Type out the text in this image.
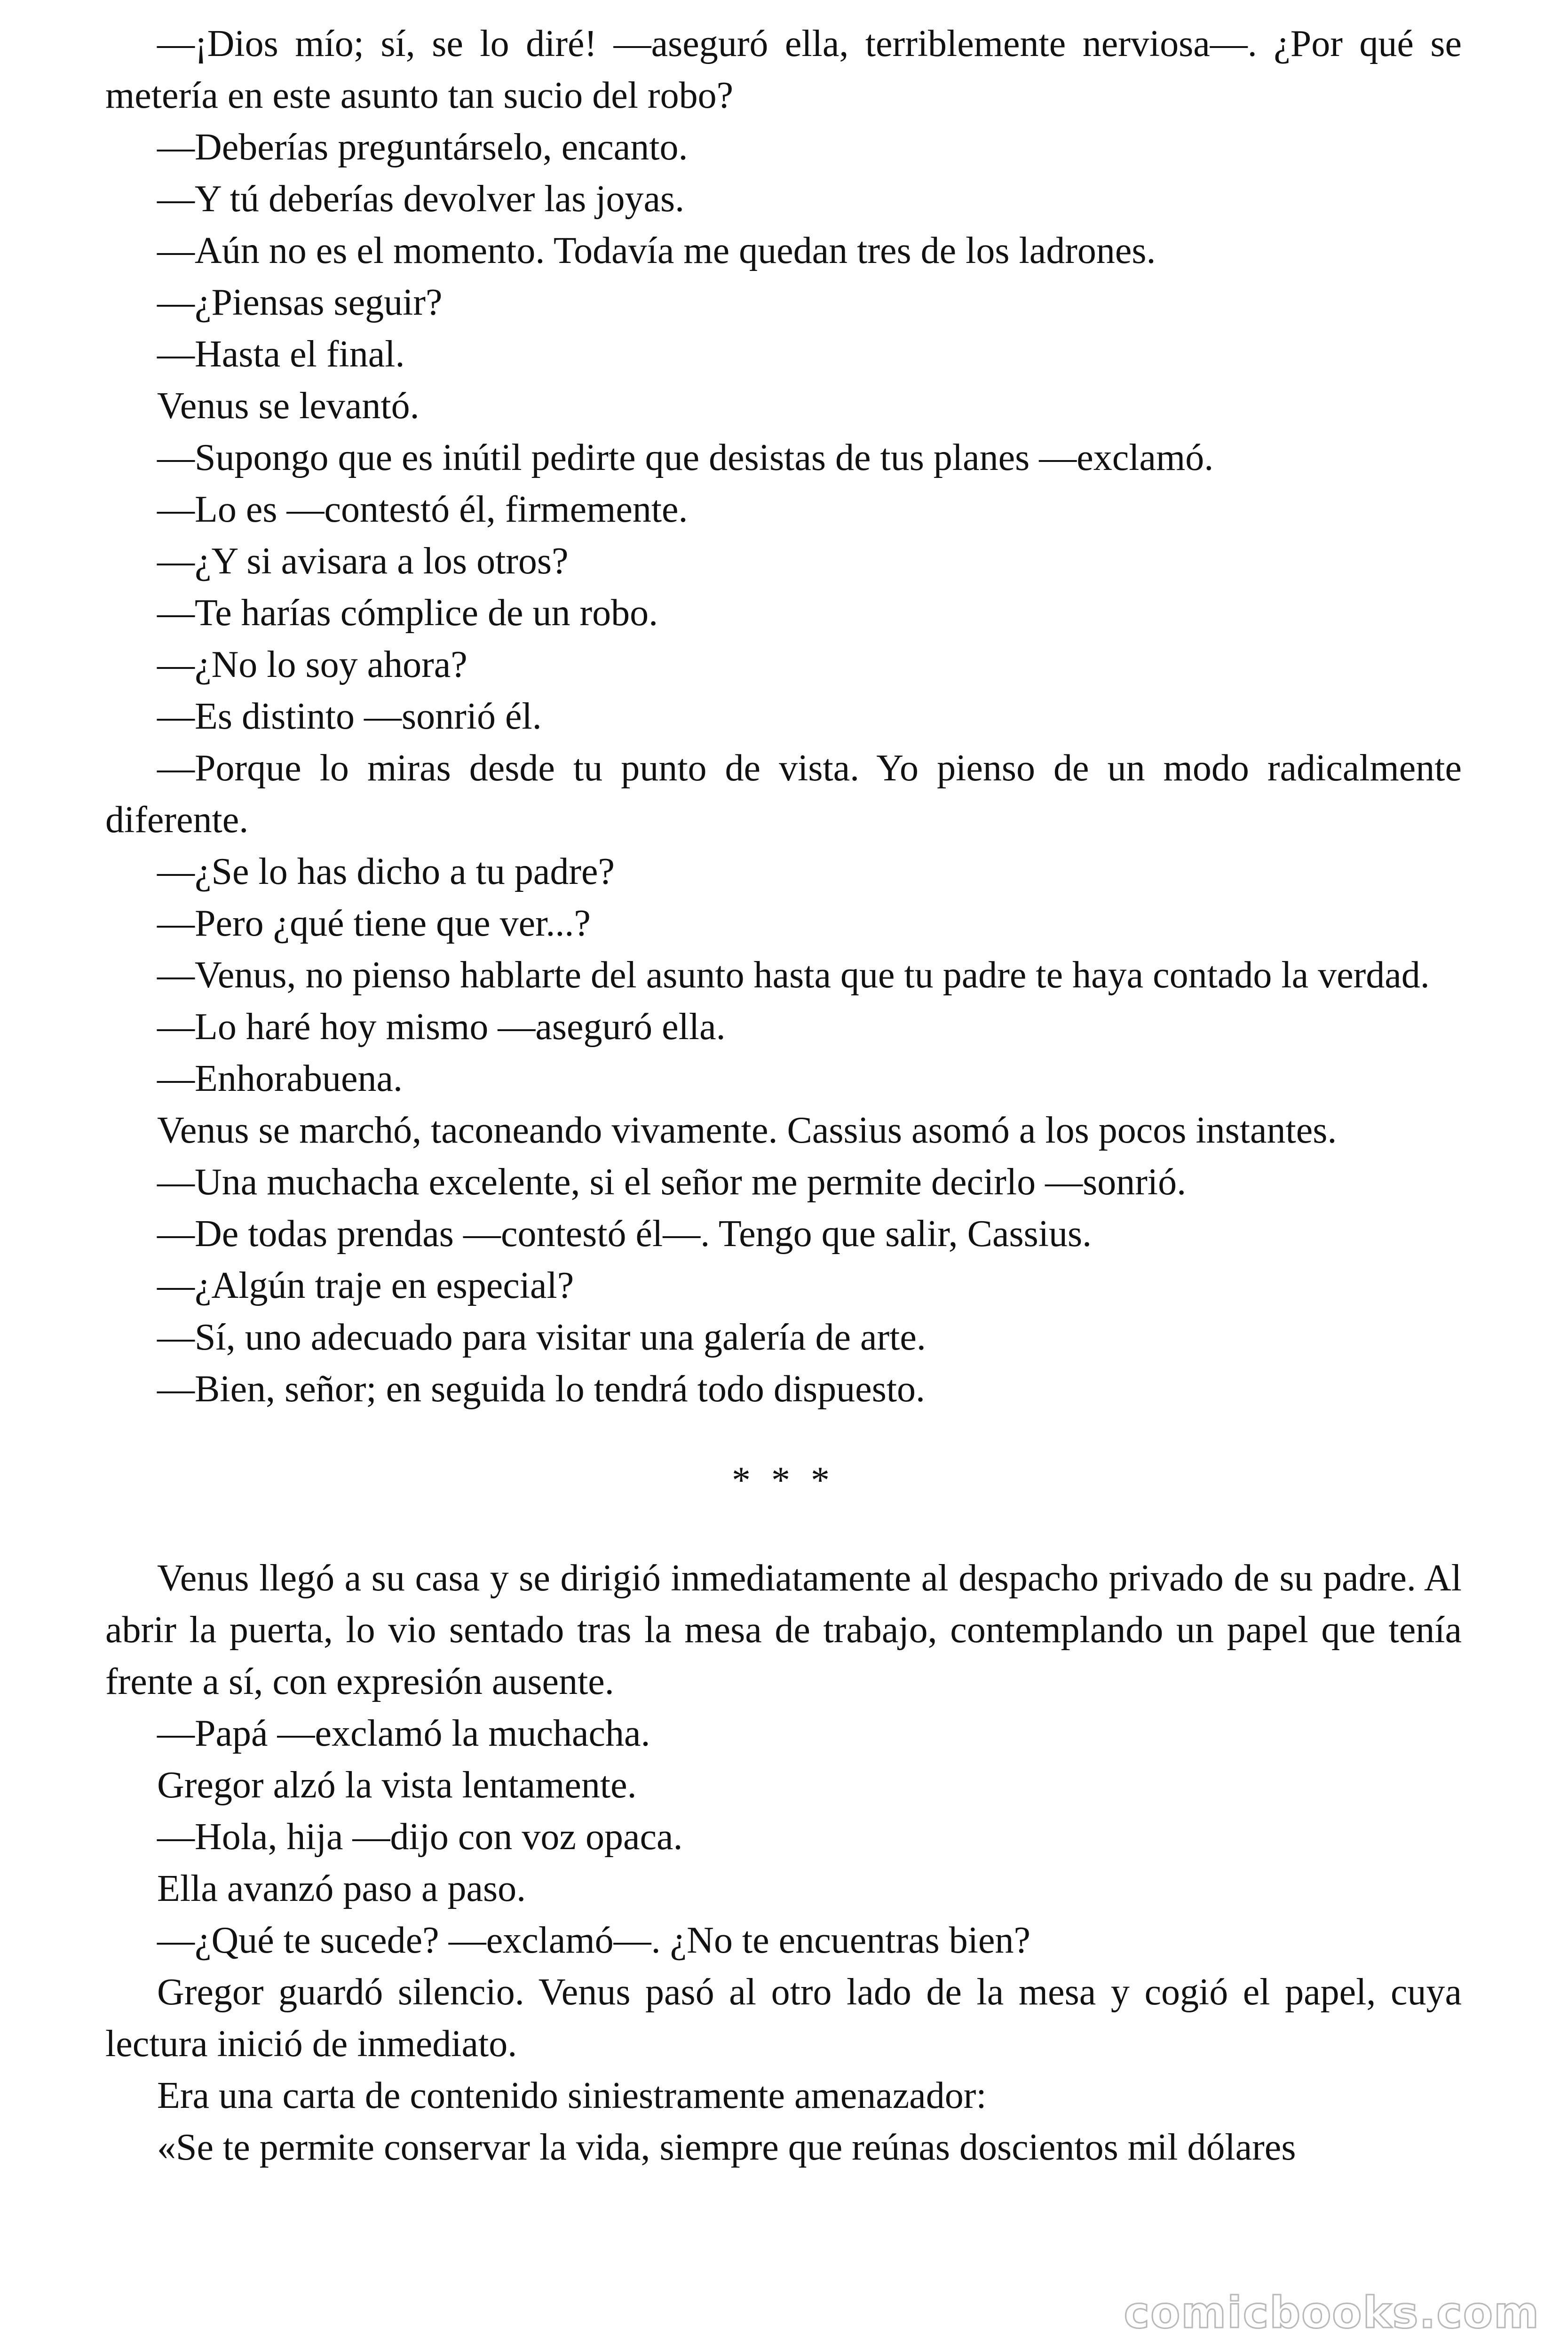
—¡Dios mío; sí, se lo diré! —aseguró ella, terriblemente nerviosa—. ¿Por qué se metería en este asunto tan sucio del robo?

—Deberías preguntárselo, encanto.

—Y tú deberías devolver las joyas.

—Aún no es el momento. Todavía me quedan tres de los ladrones.

—¿Piensas seguir?

—Hasta el final.

Venus se levantó.

—Supongo que es inútil pedirte que desistas de tus planes —exclamó.

—Lo es —contestó él, firmemente.

—¿Y si avisara a los otros?

—Te harías cómplice de un robo.

—¿No lo soy ahora?

—Es distinto —sonrió él.

—Porque lo miras desde tu punto de vista. Yo pienso de un modo radicalmente diferente.

—¿Se lo has dicho a tu padre?

—Pero ¿qué tiene que ver...?

—Venus, no pienso hablarte del asunto hasta que tu padre te haya contado la verdad.

—Lo haré hoy mismo —aseguró ella.

—Enhorabuena.

Venus se marchó, taconeando vivamente. Cassius asomó a los pocos instantes.

—Una muchacha excelente, si el señor me permite decirlo —sonrió.

—De todas prendas —contestó él—. Tengo que salir, Cassius.

—¿Algún traje en especial?

—Sí, uno adecuado para visitar una galería de arte.

—Bien, señor; en seguida lo tendrá todo dispuesto.

* * *

Venus llegó a su casa y se dirigió inmediatamente al despacho privado de su padre. Al abrir la puerta, lo vio sentado tras la mesa de trabajo, contemplando un papel que tenía frente a sí, con expresión ausente.

—Papá —exclamó la muchacha.

Gregor alzó la vista lentamente.

—Hola, hija —dijo con voz opaca.

Ella avanzó paso a paso.

—¿Qué te sucede? —exclamó—. ¿No te encuentras bien?

Gregor guardó silencio. Venus pasó al otro lado de la mesa y cogió el papel, cuya lectura inició de inmediato.

Era una carta de contenido siniestramente amenazador:

«Se te permite conservar la vida, siempre que reúnas doscientos mil dólares

comicbooks.com
